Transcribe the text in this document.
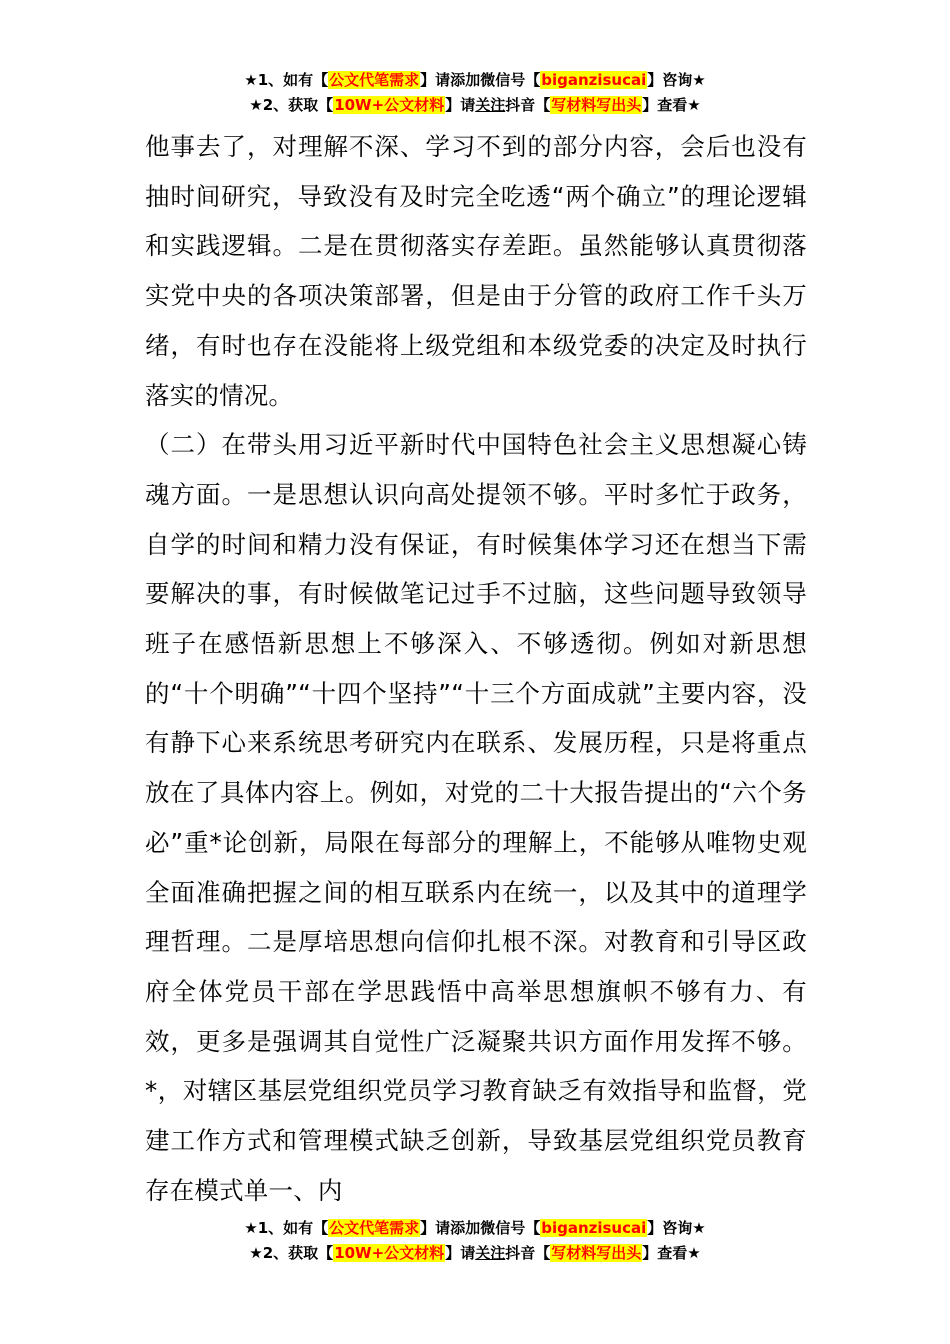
★1、如有【公文代笔需求】请添加微信号【biganzisucai】咨询★
★2、获取【10W+公文材料】请关注抖音【写材料写出头】查看★

他事去了，对理解不深、学习不到的部分内容，会后也没有抽时间研究，导致没有及时完全吃透“两个确立”的理论逻辑和实践逻辑。二是在贯彻落实存差距。虽然能够认真贯彻落实党中央的各项决策部署，但是由于分管的政府工作千头万绪，有时也存在没能将上级党组和本级党委的决定及时执行落实的情况。

（二）在带头用习近平新时代中国特色社会主义思想凝心铸魂方面。一是思想认识向高处提领不够。平时多忙于政务，自学的时间和精力没有保证，有时候集体学习还在想当下需要解决的事，有时候做笔记过手不过脑，这些问题导致领导班子在感悟新思想上不够深入、不够透彻。例如对新思想的“十个明确”“十四个坚持”“十三个方面成就”主要内容，没有静下心来系统思考研究内在联系、发展历程，只是将重点放在了具体内容上。例如，对党的二十大报告提出的“六个务必”重*论创新，局限在每部分的理解上，不能够从唯物史观全面准确把握之间的相互联系内在统一，以及其中的道理学理哲理。二是厚培思想向信仰扎根不深。对教育和引导区政府全体党员干部在学思践悟中高举思想旗帜不够有力、有效，更多是强调其自觉性广泛凝聚共识方面作用发挥不够。*，对辖区基层党组织党员学习教育缺乏有效指导和监督，党建工作方式和管理模式缺乏创新，导致基层党组织党员教育存在模式单一、内

★1、如有【公文代笔需求】请添加微信号【biganzisucai】咨询★
★2、获取【10W+公文材料】请关注抖音【写材料写出头】查看★
